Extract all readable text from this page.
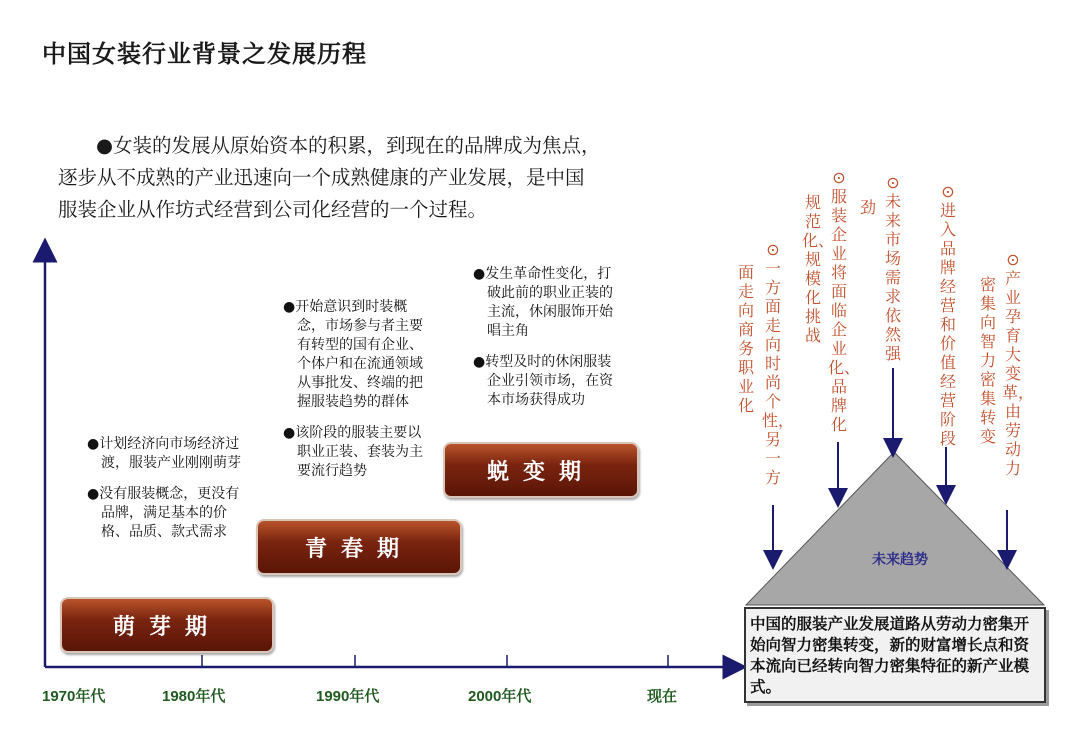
中国女装行业背景之发展历程
●女装的发展从原始资本的积累，到现在的品牌成为焦点，
逐步从不成熟的产业迅速向一个成熟健康的产业发展，是中国
服装企业从作坊式经营到公司化经营的一个过程。
1970年代	1980年代	1990年代	2000年代	现在

●计划经济向市场经济过渡，服装产业刚刚萌芽

●没有服装概念，更没有品牌，满足基本的价格、品质、款式需求

萌芽期

●开始意识到时装概念，市场参与者主要有转型的国有企业、个体户和在流通领域从事批发、终端的把握服装趋势的群体

●该阶段的服装主要以职业正装、套装为主要流行趋势

青春期

●发生革命性变化，打破此前的职业正装的主流，休闲服饰开始唱主角

●转型及时的休闲服装企业引领市场，在资本市场获得成功

蜕变期
⊙一方面走向时尚个性，另一方
面走向商务职业化
⊙服装企业将面临企业化、品牌化
规范化、规模化挑战
⊙未来市场需求依然强
劲
⊙进入品牌经营和价值经营阶段
⊙产业孕育大变革，由劳动力
密集向智力密集转变
未来趋势
中国的服装产业发展道路从劳动力密集开始向智力密集转变，新的财富增长点和资本流向已经转向智力密集特征的新产业模式。
